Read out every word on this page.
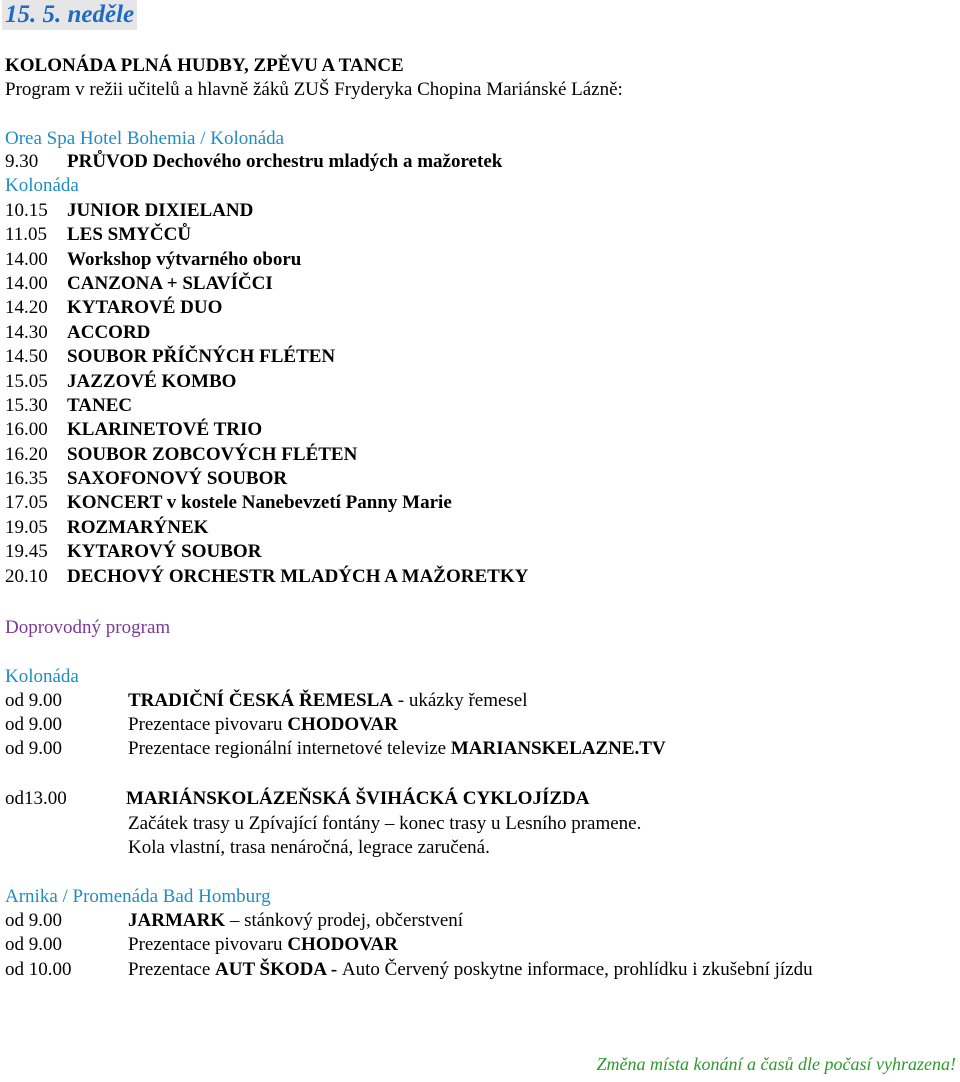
15. 5. neděle
KOLONÁDA PLNÁ HUDBY, ZPĚVU A TANCE
Program v režii učitelů a hlavně žáků ZUŠ Fryderyka Chopina Mariánské Lázně:
Orea Spa Hotel Bohemia / Kolonáda
9.30 PRŮVOD Dechového orchestru mladých a mažoretek
Kolonáda
10.15 JUNIOR DIXIELAND
11.05 LES SMYČCŮ
14.00 Workshop výtvarného oboru
14.00 CANZONA + SLAVÍČCI
14.20 KYTAROVÉ DUO
14.30 ACCORD
14.50 SOUBOR PŘÍČNÝCH FLÉTEN
15.05 JAZZOVÉ KOMBO
15.30 TANEC
16.00 KLARINETOVÉ TRIO
16.20 SOUBOR ZOBCOVÝCH FLÉTEN
16.35 SAXOFONOVÝ SOUBOR
17.05 KONCERT v kostele Nanebevzetí Panny Marie
19.05 ROZMARÝNEK
19.45 KYTAROVÝ SOUBOR
20.10 DECHOVÝ ORCHESTR MLADÝCH A MAŽORETKY
Doprovodný program
Kolonáda
od 9.00	TRADIČNÍ ČESKÁ ŘEMESLA - ukázky řemesel
od 9.00	Prezentace pivovaru CHODOVAR
od 9.00	Prezentace regionální internetové televize MARIANSKELAZNE.TV
od13.00	MARIÁNSKOLÁZEŇSKÁ ŠVIHÁCKÁ CYKLOJÍZDA
Začátek trasy u Zpívající fontány – konec trasy u Lesního pramene.
Kola vlastní, trasa nenáročná, legrace zaručená.
Arnika / Promenáda Bad Homburg
od 9.00	JARMARK – stánkový prodej, občerstvení
od 9.00	Prezentace pivovaru CHODOVAR
od 10.00	Prezentace AUT ŠKODA - Auto Červený poskytne informace, prohlídku i zkušební jízdu
Změna místa konání a časů dle počasí vyhrazena!
